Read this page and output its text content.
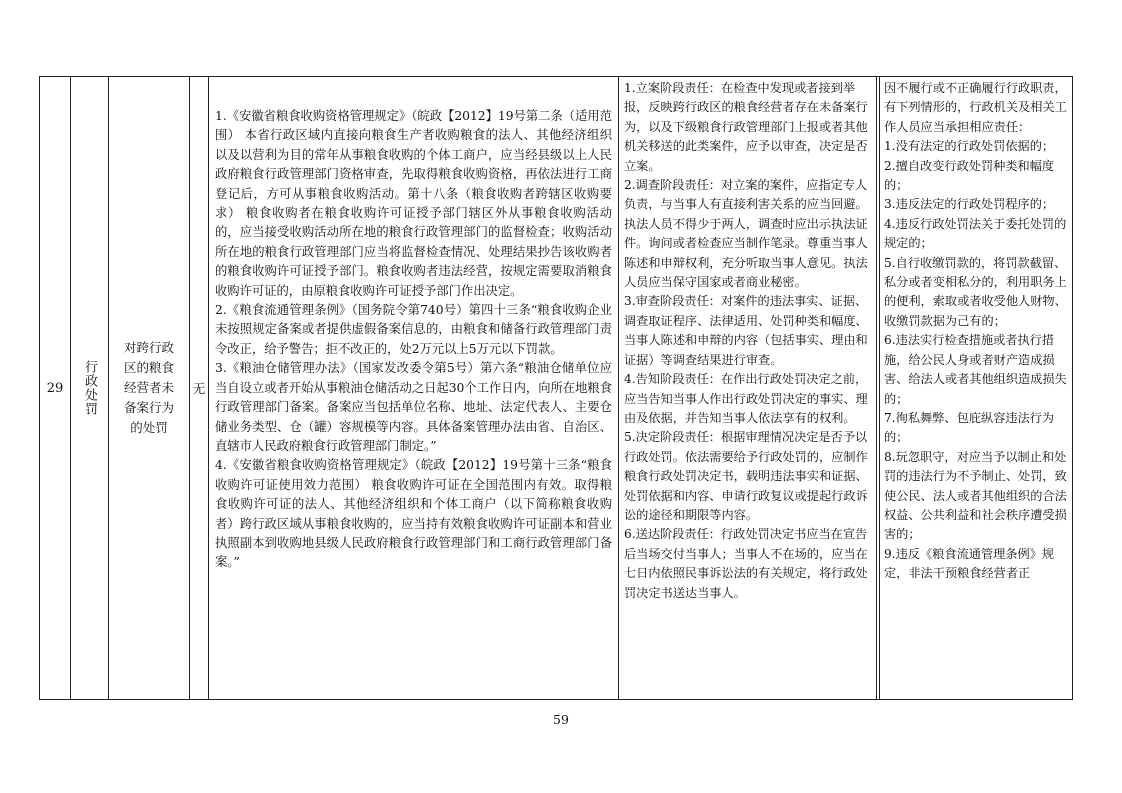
29	行政处罚
对跨行政区的粮食经营者未备案行为的处罚
无

1.《安徽省粮食收购资格管理规定》（皖政【2012】19号第二条（适用范围） 本省行政区域内直接向粮食生产者收购粮食的法人、其他经济组织以及以营利为目的常年从事粮食收购的个体工商户，应当经县级以上人民政府粮食行政管理部门资格审查，先取得粮食收购资格，再依法进行工商登记后，方可从事粮食收购活动。第十八条（粮食收购者跨辖区收购要求） 粮食收购者在粮食收购许可证授予部门辖区外从事粮食收购活动的，应当接受收购活动所在地的粮食行政管理部门的监督检查；收购活动所在地的粮食行政管理部门应当将监督检查情况、处理结果抄告该收购者的粮食收购许可证授予部门。粮食收购者违法经营，按规定需要取消粮食收购许可证的，由原粮食收购许可证授予部门作出决定。

2.《粮食流通管理条例》（国务院令第740号）第四十三条“粮食收购企业未按照规定备案或者提供虚假备案信息的，由粮食和储备行政管理部门责令改正，给予警告；拒不改正的，处2万元以上5万元以下罚款。

3.《粮油仓储管理办法》（国家发改委令第5号）第六条“粮油仓储单位应当自设立或者开始从事粮油仓储活动之日起30个工作日内，向所在地粮食行政管理部门备案。备案应当包括单位名称、地址、法定代表人、主要仓储业务类型、仓（罐）容规模等内容。具体备案管理办法由省、自治区、直辖市人民政府粮食行政管理部门制定。”

4.《安徽省粮食收购资格管理规定》（皖政【2012】19号第十三条“粮食收购许可证使用效力范围） 粮食收购许可证在全国范围内有效。取得粮食收购许可证的法人、其他经济组织和个体工商户（以下简称粮食收购者）跨行政区域从事粮食收购的，应当持有效粮食收购许可证副本和营业执照副本到收购地县级人民政府粮食行政管理部门和工商行政管理部门备案。”

1.立案阶段责任：在检查中发现或者接到举报，反映跨行政区的粮食经营者存在未备案行为，以及下级粮食行政管理部门上报或者其他机关移送的此类案件，应予以审查，决定是否立案。

2.调查阶段责任：对立案的案件，应指定专人负责，与当事人有直接利害关系的应当回避。执法人员不得少于两人，调查时应出示执法证件。询问或者检查应当制作笔录。尊重当事人陈述和申辩权利，充分听取当事人意见。执法人员应当保守国家或者商业秘密。

3.审查阶段责任：对案件的违法事实、证据、调查取证程序、法律适用、处罚种类和幅度、当事人陈述和申辩的内容（包括事实、理由和证据）等调查结果进行审查。

4.告知阶段责任：在作出行政处罚决定之前，应当告知当事人作出行政处罚决定的事实、理由及依据，并告知当事人依法享有的权利。

5.决定阶段责任：根据审理情况决定是否予以行政处罚。依法需要给予行政处罚的，应制作粮食行政处罚决定书，载明违法事实和证据、处罚依据和内容、申请行政复议或提起行政诉讼的途径和期限等内容。

6.送达阶段责任：行政处罚决定书应当在宣告后当场交付当事人；当事人不在场的，应当在七日内依照民事诉讼法的有关规定，将行政处罚决定书送达当事人。

因不履行或不正确履行行政职责，有下列情形的，行政机关及相关工作人员应当承担相应责任：

1.没有法定的行政处罚依据的；

2.擅自改变行政处罚种类和幅度的；

3.违反法定的行政处罚程序的；

4.违反行政处罚法关于委托处罚的规定的；

5.自行收缴罚款的，将罚款截留、私分或者变相私分的，利用职务上的便利，索取或者收受他人财物、收缴罚款据为己有的；

6.违法实行检查措施或者执行措施，给公民人身或者财产造成损害、给法人或者其他组织造成损失的；

7.徇私舞弊、包庇纵容违法行为的；

8.玩忽职守，对应当予以制止和处罚的违法行为不予制止、处罚，致使公民、法人或者其他组织的合法权益、公共利益和社会秩序遭受损害的；

9.违反《粮食流通管理条例》规定，非法干预粮食经营者正

59
